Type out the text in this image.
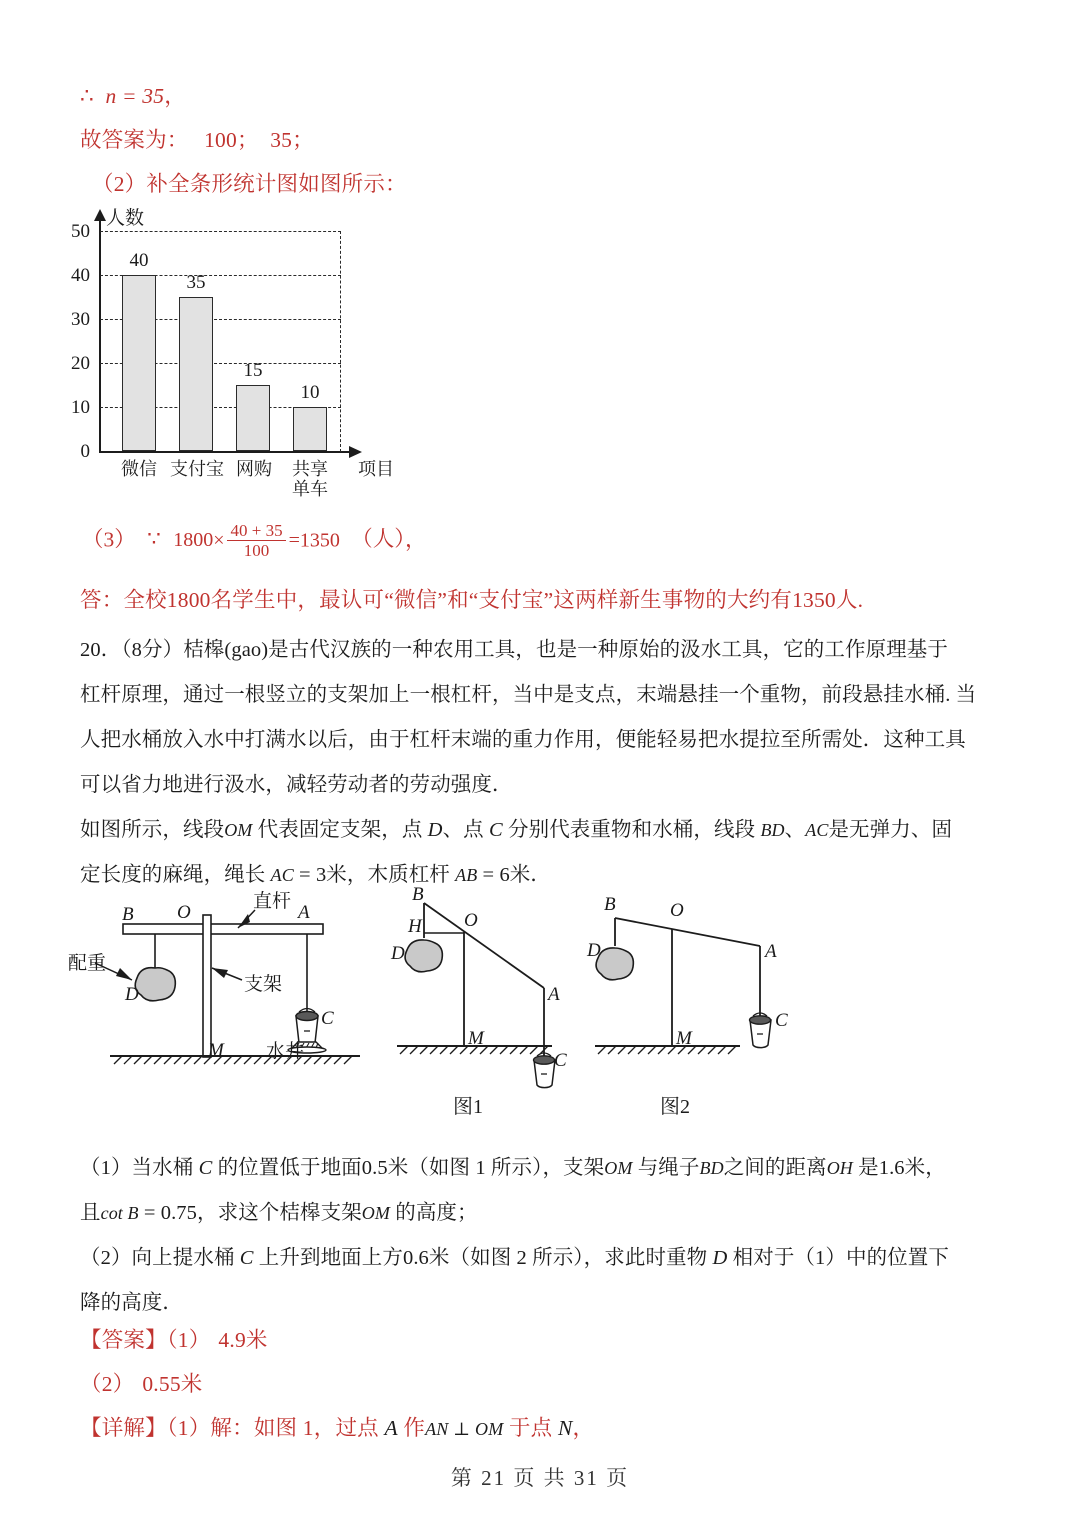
∴ n = 35，
故答案为： 100； 35；
（2）补全条形统计图如图所示：
人数
0
10
20
30
40
50
40
35
15
10
微信 支付宝 网购	共享
单车
项目
（3） ∵ $1800\times \frac{40 + 35}{100} =1350$ （人），
答：全校1800名学生中，最认可“微信”和“支付宝”这两样新生事物的大约有1350人.
20．（8分）桔槔(gao)是古代汉族的一种农用工具，也是一种原始的汲水工具，它的工作原理基于
杠杆原理，通过一根竖立的支架加上一根杠杆，当中是支点，末端悬挂一个重物，前段悬挂水桶. 当
人把水桶放入水中打满水以后，由于杠杆末端的重力作用，便能轻易把水提拉至所需处．这种工具
可以省力地进行汲水，减轻劳动者的劳动强度．
如图所示，线段OM 代表固定支架，点 D、点 C 分别代表重物和水桶，线段 BD、AC是无弹力、固
定长度的麻绳，绳长 AC = 3米，木质杠杆 AB = 6米．
B O	A
D
C
M
直杆
配重
支架
水井
B
H O
D
A
M
C
图1
B	O
D	A
M
C
图2
（1）当水桶 C 的位置低于地面0.5米（如图 1 所示），支架OM 与绳子BD之间的距离OH 是1.6米，
且cot B = 0.75，求这个桔槔支架OM 的高度；
（2）向上提水桶 C 上升到地面上方0.6米（如图 2 所示），求此时重物 D 相对于（1）中的位置下
降的高度．
【答案】（1） 4.9米
（2） 0.55米
【详解】（1）解：如图 1，过点 A 作AN ⊥ OM 于点 N，
第 21 页 共 31 页
